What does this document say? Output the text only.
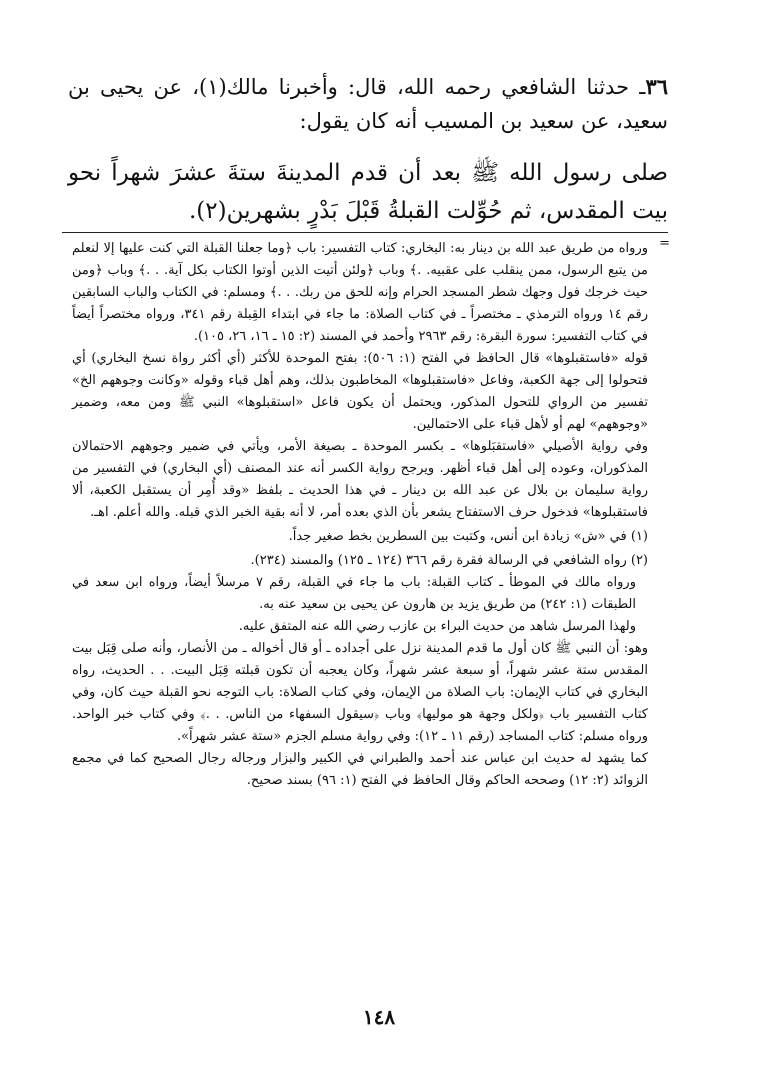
٣٦ـ حدثنا الشافعي رحمه الله، قال: وأخبرنا مالك(١)، عن يحيى بن سعيد، عن سعيد بن المسيب أنه كان يقول:

صلى رسول الله ﷺ بعد أن قدم المدينةَ ستةَ عشرَ شهراً نحو بيت المقدس، ثم حُوِّلت القبلةُ قَبْلَ بَدْرٍ بشهرين(٢).

=

ورواه من طريق عبد الله بن دينار به: البخاري: كتاب التفسير: باب ﴿وما جعلنا القبلة التي كنت عليها إلا لنعلم من يتبع الرسول، ممن ينقلب على عقبيه. .﴾ وباب ﴿ولئن أتيت الذين أوتوا الكتاب بكل آية. . .﴾ وباب ﴿ومن حيث خرجك فول وجهك شطر المسجد الحرام وإنه للحق من ربك. . .﴾ ومسلم: في الكتاب والباب السابقين رقم ١٤ ورواه الترمذي ـ مختصراً ـ في كتاب الصلاة: ما جاء في ابتداء القِبلة رقم ٣٤١، ورواه مختصراً أيضاً في كتاب التفسير: سورة البقرة: رقم ٢٩٦٣ وأحمد في المسند (٢: ١٥ ـ ١٦، ٢٦، ١٠٥).

قوله «فاستقبلوها» قال الحافظ في الفتح (١: ٥٠٦): بفتح الموحدة للأكثر (أي أكثر رواة نسخ البخاري) أي فتحولوا إلى جهة الكعبة، وفاعل «فاستقبلوها» المخاطبون بذلك، وهم أهل قباء وقوله «وكانت وجوههم الخ» تفسير من الرواي للتحول المذكور، ويحتمل أن يكون فاعل «استقبلوها» النبي ﷺ ومن معه، وضمير «وجوههم» لهم أو لأهل قباء على الاحتمالين.

وفي رواية الأصيلي «فاستقبَلوها» ـ بكسر الموحدة ـ بصيغة الأمر، ويأتي في ضمير وجوههم الاحتمالان المذكوران، وعوده إلى أهل قباء أظهر. ويرجح رواية الكسر أنه عند المصنف (أي البخاري) في التفسير من رواية سليمان بن بلال عن عبد الله بن دينار ـ في هذا الحديث ـ بلفظ «وقد أُمِر أن يستقبل الكعبة، ألا فاستقبلوها» فدخول حرف الاستفتاح يشعر بأن الذي بعده أمر، لا أنه بقية الخبر الذي قبله. والله أعلم. اهـ.

(١) في «ش» زيادة ابن أنس، وكتبت بين السطرين بخط صغير جداً.

(٢) رواه الشافعي في الرسالة فقرة رقم ٣٦٦ (١٢٤ ـ ١٢٥) والمسند (٢٣٤).

ورواه مالك في الموطأ ـ كتاب القبلة: باب ما جاء في القبلة، رقم ٧ مرسلاً أيضاً، ورواه ابن سعد في الطبقات (١: ٢٤٢) من طريق يزيد بن هارون عن يحيى بن سعيد عنه به.

ولهذا المرسل شاهد من حديث البراء بن عازب رضي الله عنه المتفق عليه.

وهو: أن النبي ﷺ كان أول ما قدم المدينة نزل على أجداده ـ أو قال أخواله ـ من الأنصار، وأنه صلى قِبَل بيت المقدس ستة عشر شهراً، أو سبعة عشر شهراً، وكان يعجبه أن تكون قبلته قِبَل البيت. . . الحديث، رواه البخاري في كتاب الإيمان: باب الصلاة من الإيمان، وفي كتاب الصلاة: باب التوجه نحو القبلة حيث كان، وفي كتاب التفسير باب ﴿ولكل وجهة هو موليها﴾ وباب ﴿سيقول السفهاء من الناس. . .﴾ وفي كتاب خبر الواحد. ورواه مسلم: كتاب المساجد (رقم ١١ ـ ١٢): وفي رواية مسلم الجزم «ستة عشر شهراً».

كما يشهد له حديث ابن عباس عند أحمد والطبراني في الكبير والبزار ورجاله رجال الصحيح كما في مجمع الزوائد (٢: ١٢) وصححه الحاكم وقال الحافظ في الفتح (١: ٩٦) بسند صحيح.

١٤٨
